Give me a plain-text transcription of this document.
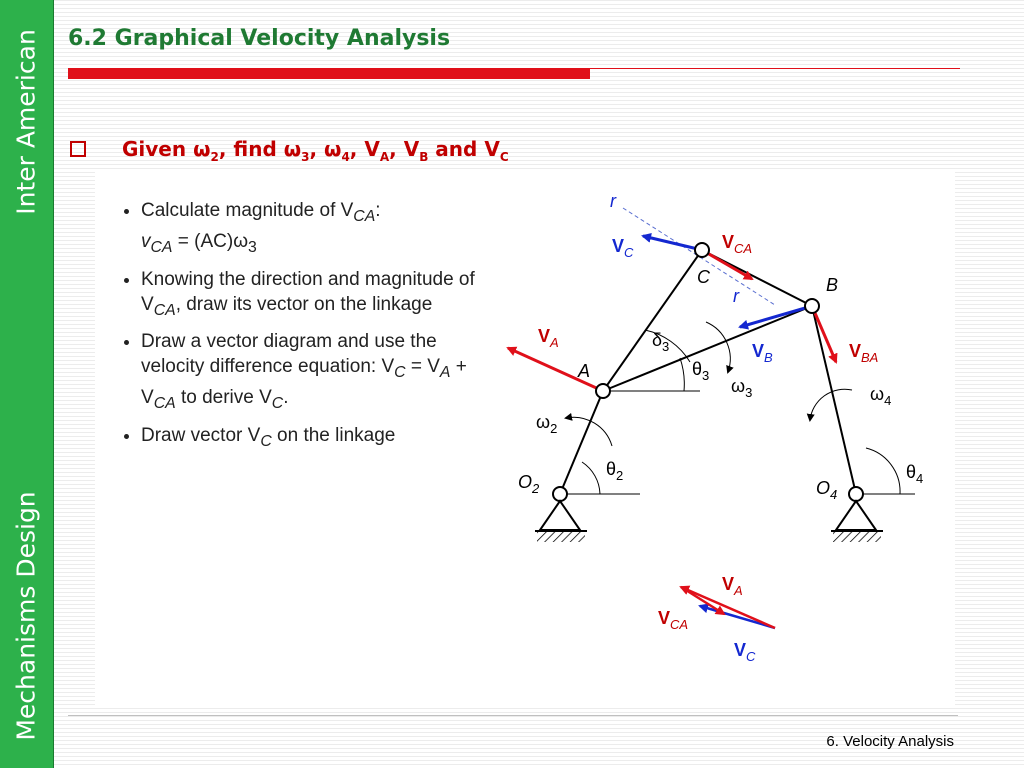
Inter American
Mechanisms Design
6.2 Graphical Velocity Analysis
Given $\omega_2$, find $\omega_3$, $\omega_4$, $V_A$, $V_B$ and $V_C$
• Calculate magnitude of $V_{CA}$:
$v_{CA} = (AC)\omega_3$
• Knowing the direction and magnitude of $V_{CA}$, draw its vector on the linkage
• Draw a vector diagram and use the velocity difference equation: $V_C = V_A + V_{CA}$ to derive $V_C$.
• Draw vector $V_C$ on the linkage
r
$V_C$
$V_{CA}$
C	B
r
$V_A$	$\delta_3$	$V_B$	$V_{BA}$
A	$\theta_3$
$\omega_3$	$\omega_4$
$\omega_2$
$\theta_2$
$O_2$	$O_4$
$\theta_4$
$V_A$
$V_{CA}$
$V_C$
6. Velocity Analysis
